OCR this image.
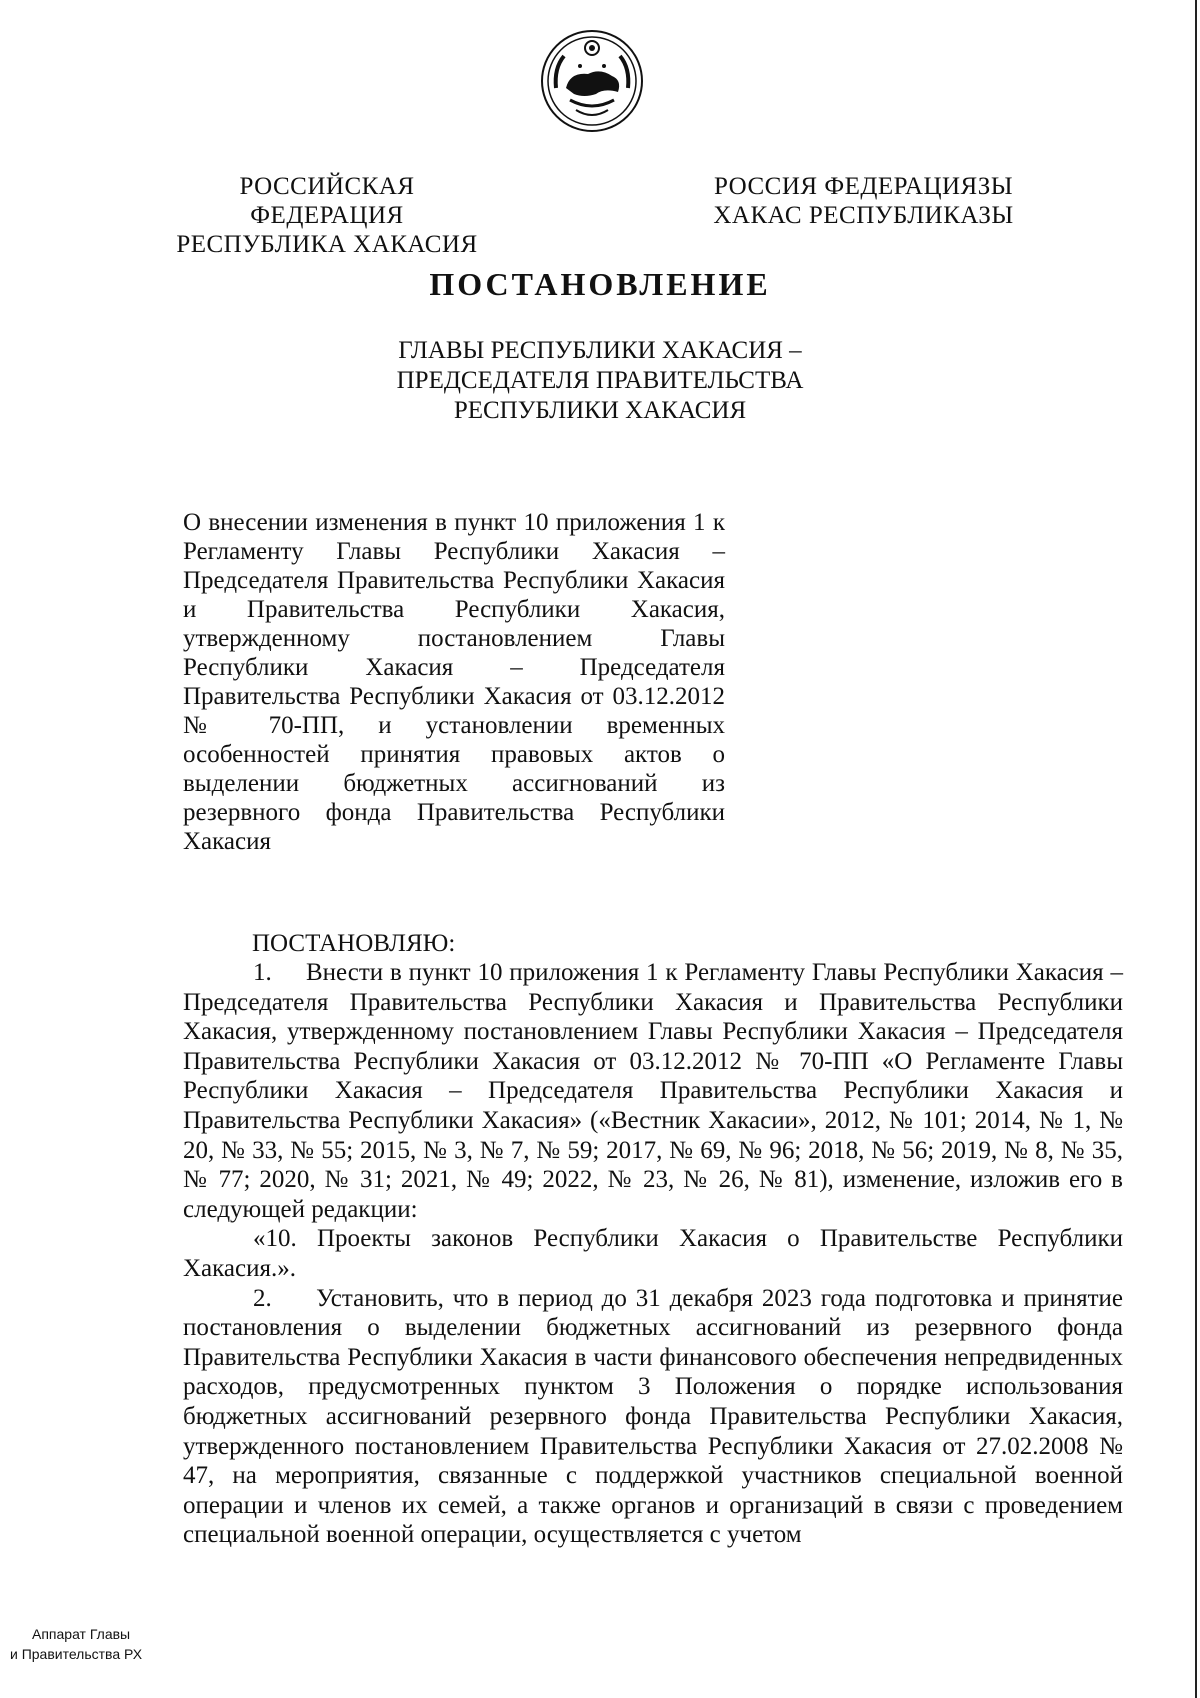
РОССИЙСКАЯ ФЕДЕРАЦИЯ
РЕСПУБЛИКА ХАКАСИЯ
РОССИЯ ФЕДЕРАЦИЯЗЫ
ХАКАС РЕСПУБЛИКАЗЫ
ПОСТАНОВЛЕНИЕ
ГЛАВЫ РЕСПУБЛИКИ ХАКАСИЯ –
ПРЕДСЕДАТЕЛЯ ПРАВИТЕЛЬСТВА
РЕСПУБЛИКИ ХАКАСИЯ
О внесении изменения в пункт 10 приложения 1 к Регламенту Главы Республики Хакасия – Председателя Правительства Республики Хакасия и Правительства Республики Хакасия, утвержденному постановлением Главы Республики Хакасия – Председателя Правительства Республики Хакасия от 03.12.2012 № 70-ПП, и установлении временных особенностей принятия правовых актов о выделении бюджетных ассигнований из резервного фонда Правительства Республики Хакасия
ПОСТАНОВЛЯЮ:

1.     Внести в пункт 10 приложения 1 к Регламенту Главы Республики Хакасия – Председателя Правительства Республики Хакасия и Правительства Республики Хакасия, утвержденному постановлением Главы Республики Хакасия – Председателя Правительства Республики Хакасия от 03.12.2012 № 70-ПП «О Регламенте Главы Республики Хакасия – Председателя Правительства Республики Хакасия и Правительства Республики Хакасия» («Вестник Хакасии», 2012, № 101; 2014, № 1, № 20, № 33, № 55; 2015, № 3, № 7, № 59; 2017, № 69, № 96; 2018, № 56; 2019, № 8, № 35, № 77; 2020, № 31; 2021, № 49; 2022, № 23, № 26, № 81), изменение, изложив его в следующей редакции:

«10. Проекты законов Республики Хакасия о Правительстве Республики Хакасия.».

2.     Установить, что в период до 31 декабря 2023 года подготовка и принятие постановления о выделении бюджетных ассигнований из резервного фонда Правительства Республики Хакасия в части финансового обеспечения непредвиденных расходов, предусмотренных пунктом 3 Положения о порядке использования бюджетных ассигнований резервного фонда Правительства Республики Хакасия, утвержденного постановлением Правительства Республики Хакасия от 27.02.2008 № 47, на мероприятия, связанные с поддержкой участников специальной военной операции и членов их семей, а также органов и организаций в связи с проведением специальной военной операции, осуществляется с учетом

Аппарат Главы
и Правительства РХ
